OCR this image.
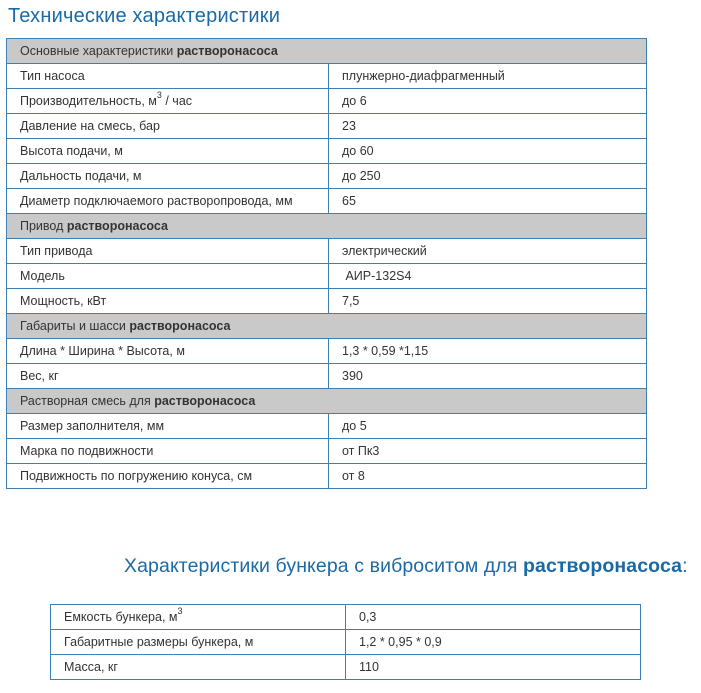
Технические характеристики
Основные характеристики растворонасоса	
Тип насоса	плунжерно-диафрагменный
Производительность, $м^3$ / час	до 6
Давление на смесь, бар	23
Высота подачи, м	до 60
Дальность подачи, м	до 250
Диаметр подключаемого растворопровода, мм	65
Привод растворонасоса	
Тип привода	электрический
Модель	АИР-132S4
Мощность, кВт	7,5
Габариты и шасси растворонасоса	
Длина * Ширина * Высота, м	1,3 * 0,59 *1,15
Вес, кг	390
Растворная смесь для растворонасоса	
Размер заполнителя, мм	до 5
Марка по подвижности	от Пк3
Подвижность по погружению конуса, см	от 8
Характеристики бункера с виброситом для растворонасоса:
Емкость бункера, $м^3$	0,3
Габаритные размеры бункера, м	1,2 * 0,95 * 0,9
Масса, кг	110
